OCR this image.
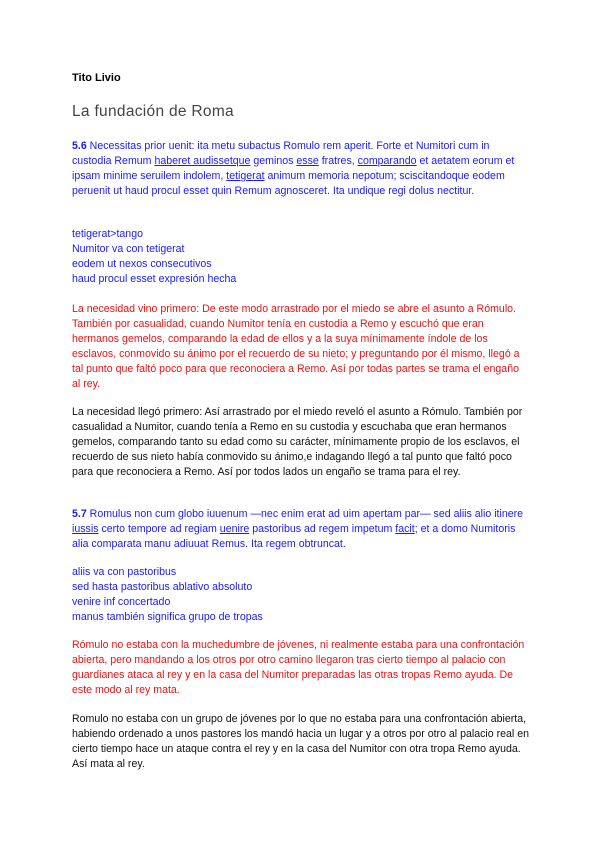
Tito Livio
La fundación de Roma

5.6 Necessitas prior uenit: ita metu subactus Romulo rem aperit. Forte et Numitori cum in custodia Remum haberet audissetque geminos esse fratres, comparando et aetatem eorum et ipsam minime seruilem indolem, tetigerat animum memoria nepotum; sciscitandoque eodem peruenit ut haud procul esset quin Remum agnosceret. Ita undique regi dolus nectitur.

tetigerat>tango
Numitor va con tetigerat
eodem ut nexos consecutivos
haud procul esset expresión hecha

La necesidad vino primero: De este modo arrastrado por el miedo se abre el asunto a Rómulo. También por casualidad, cuando Numitor tenía en custodia a Remo y escuchó que eran hermanos gemelos, comparando la edad de ellos y a la suya mínimamente índole de los esclavos, conmovido su ánimo por el recuerdo de su nieto; y preguntando por él mismo, llegó a tal punto que faltó poco para que reconociera a Remo. Así por todas partes se trama el engaño al rey.

La necesidad llegó primero: Así arrastrado por el miedo reveló el asunto a Rómulo. También por casualidad a Numitor, cuando tenía a Remo en su custodia y escuchaba que eran hermanos gemelos, comparando tanto su edad como su carácter, mínimamente propio de los esclavos, el recuerdo de sus nieto había conmovido su ánimo,e indagando llegó a tal punto que faltó poco para que reconociera a Remo. Así por todos lados un engaño se trama para el rey.

5.7 Romulus non cum globo iuuenum —nec enim erat ad uim apertam par— sed aliis alio itinere iussis certo tempore ad regiam uenire pastoribus ad regem impetum facit; et a domo Numitoris alia comparata manu adiuuat Remus. Ita regem obtruncat.

aliis va con pastoribus
sed hasta pastoribus ablativo absoluto
venire inf concertado
manus también significa grupo de tropas

Rómulo no estaba con la muchedumbre de jóvenes, ni realmente estaba para una confrontación abierta, pero mandando a los otros por otro camino llegaron tras cierto tiempo al palacio con guardianes ataca al rey y en la casa del Numitor preparadas las otras tropas Remo ayuda. De este modo al rey mata.

Romulo no estaba con un grupo de jóvenes por lo que no estaba para una confrontación abierta, habiendo ordenado a unos pastores los mandó hacia un lugar y a otros por otro al palacio real en cierto tiempo hace un ataque contra el rey y en la casa del Numitor con otra tropa Remo ayuda. Así mata al rey.
